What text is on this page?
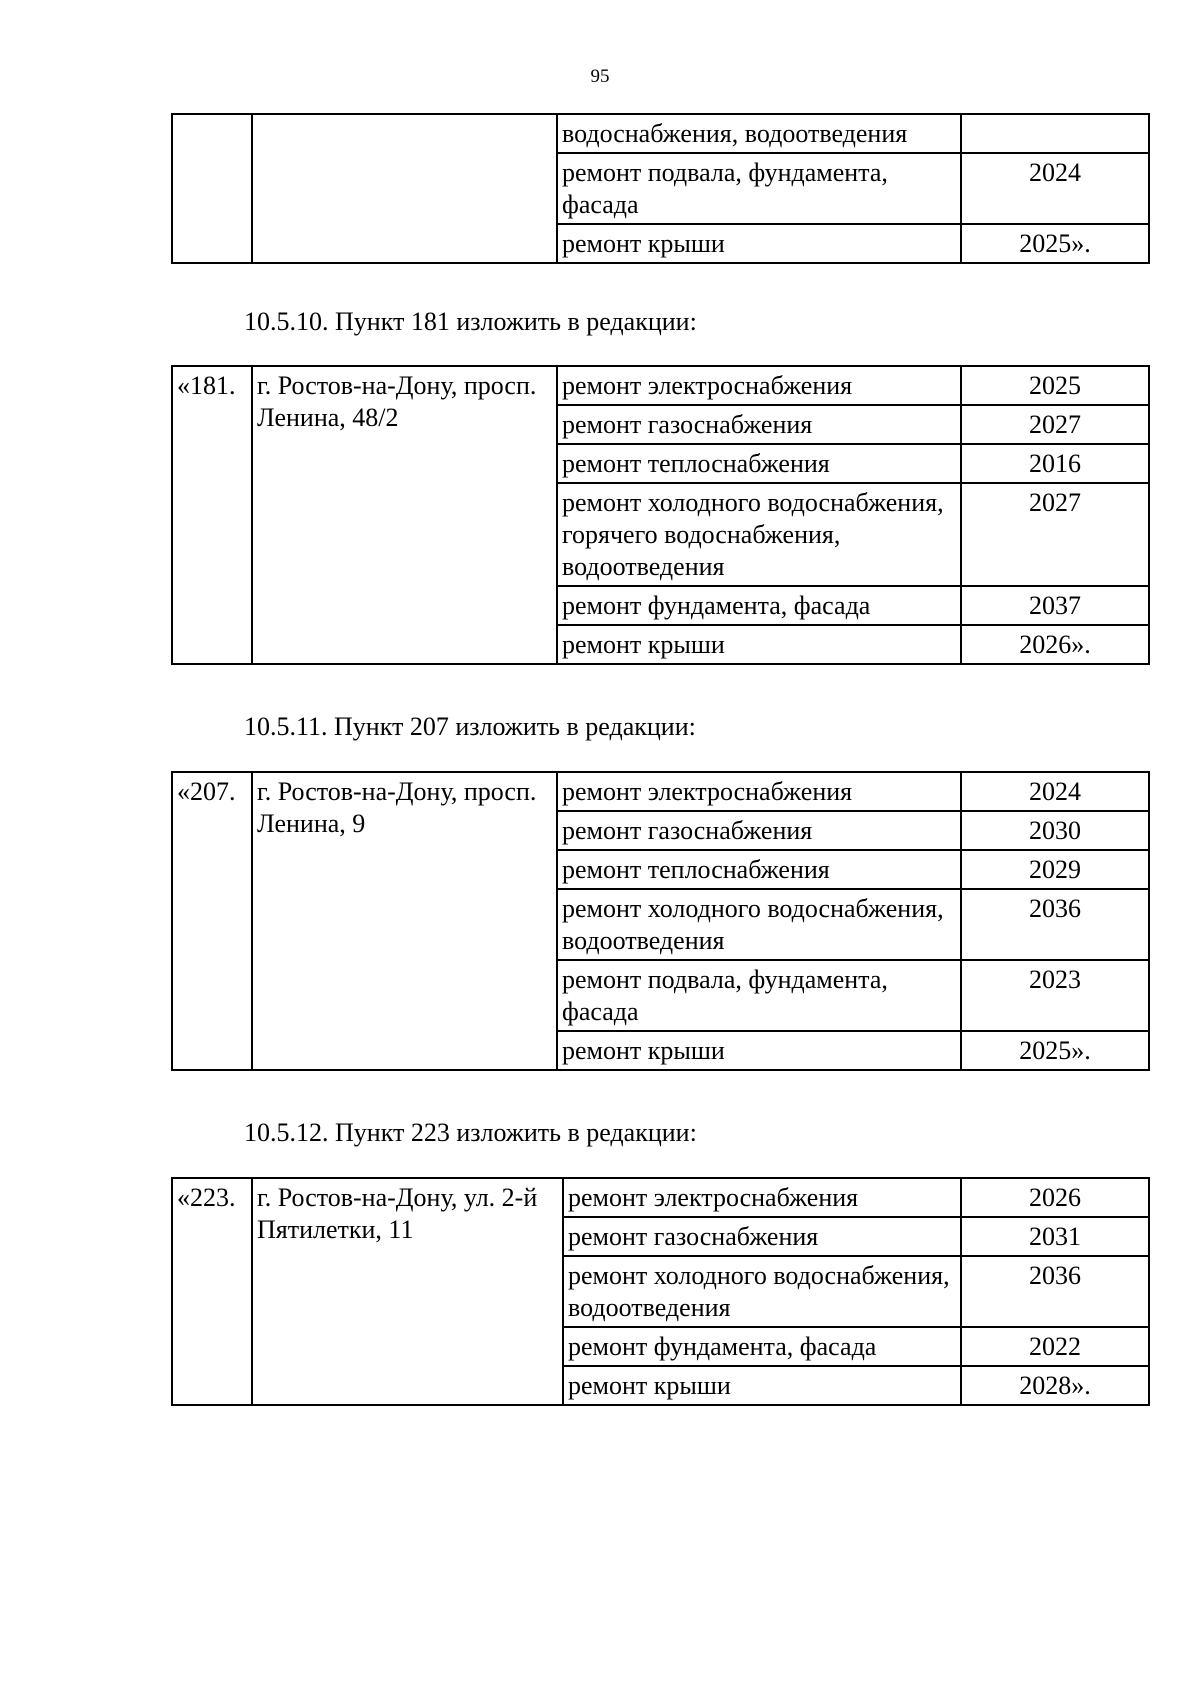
95
		водоснабжения, водоотведения	
		ремонт подвала, фундамента, фасада	2024
		ремонт крыши	2025».
10.5.10. Пункт 181 изложить в редакции:
«181.	г. Ростов-на-Дону, просп. Ленина, 48/2	ремонт электроснабжения	2025
		ремонт газоснабжения	2027
		ремонт теплоснабжения	2016
		ремонт холодного водоснабжения, горячего водоснабжения, водоотведения	2027
		ремонт фундамента, фасада	2037
		ремонт крыши	2026».
10.5.11. Пункт 207 изложить в редакции:
«207.	г. Ростов-на-Дону, просп. Ленина, 9	ремонт электроснабжения	2024
		ремонт газоснабжения	2030
		ремонт теплоснабжения	2029
		ремонт холодного водоснабжения, водоотведения	2036
		ремонт подвала, фундамента, фасада	2023
		ремонт крыши	2025».
10.5.12. Пункт 223 изложить в редакции:
«223.	г. Ростов-на-Дону, ул. 2-й Пятилетки, 11	ремонт электроснабжения	2026
		ремонт газоснабжения	2031
		ремонт холодного водоснабжения, водоотведения	2036
		ремонт фундамента, фасада	2022
		ремонт крыши	2028».
